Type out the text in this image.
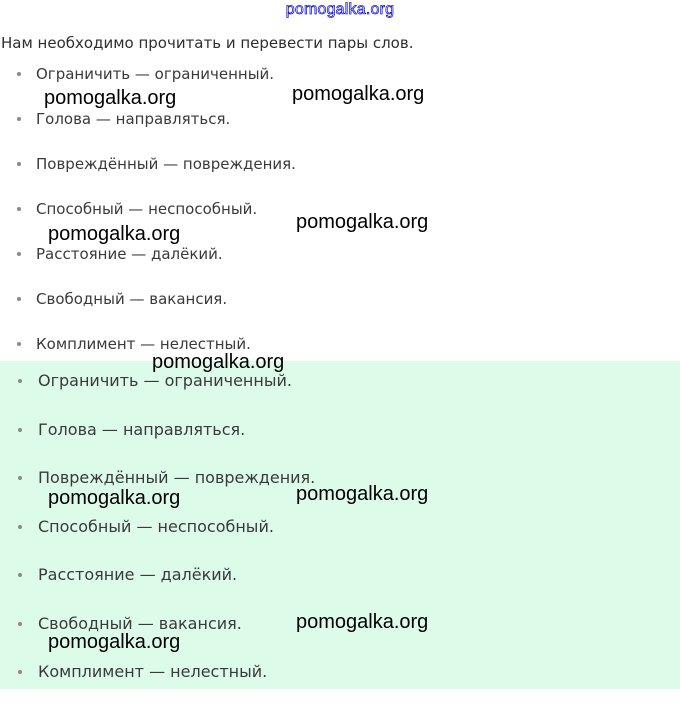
pomogalka.org
Нам необходимо прочитать и перевести пары слов.
Ограничить — ограниченный.
Голова — направляться.
Повреждённый — повреждения.
Способный — неспособный.
Расстояние — далёкий.
Свободный — вакансия.
Комплимент — нелестный.
Ограничить — ограниченный.
Голова — направляться.
Повреждённый — повреждения.
Способный — неспособный.
Расстояние — далёкий.
Свободный — вакансия.
Комплимент — нелестный.
pomogalka.org	pomogalka.org
pomogalka.org
pomogalka.org
pomogalka.org
pomogalka.org	pomogalka.org
pomogalka.org
pomogalka.org
